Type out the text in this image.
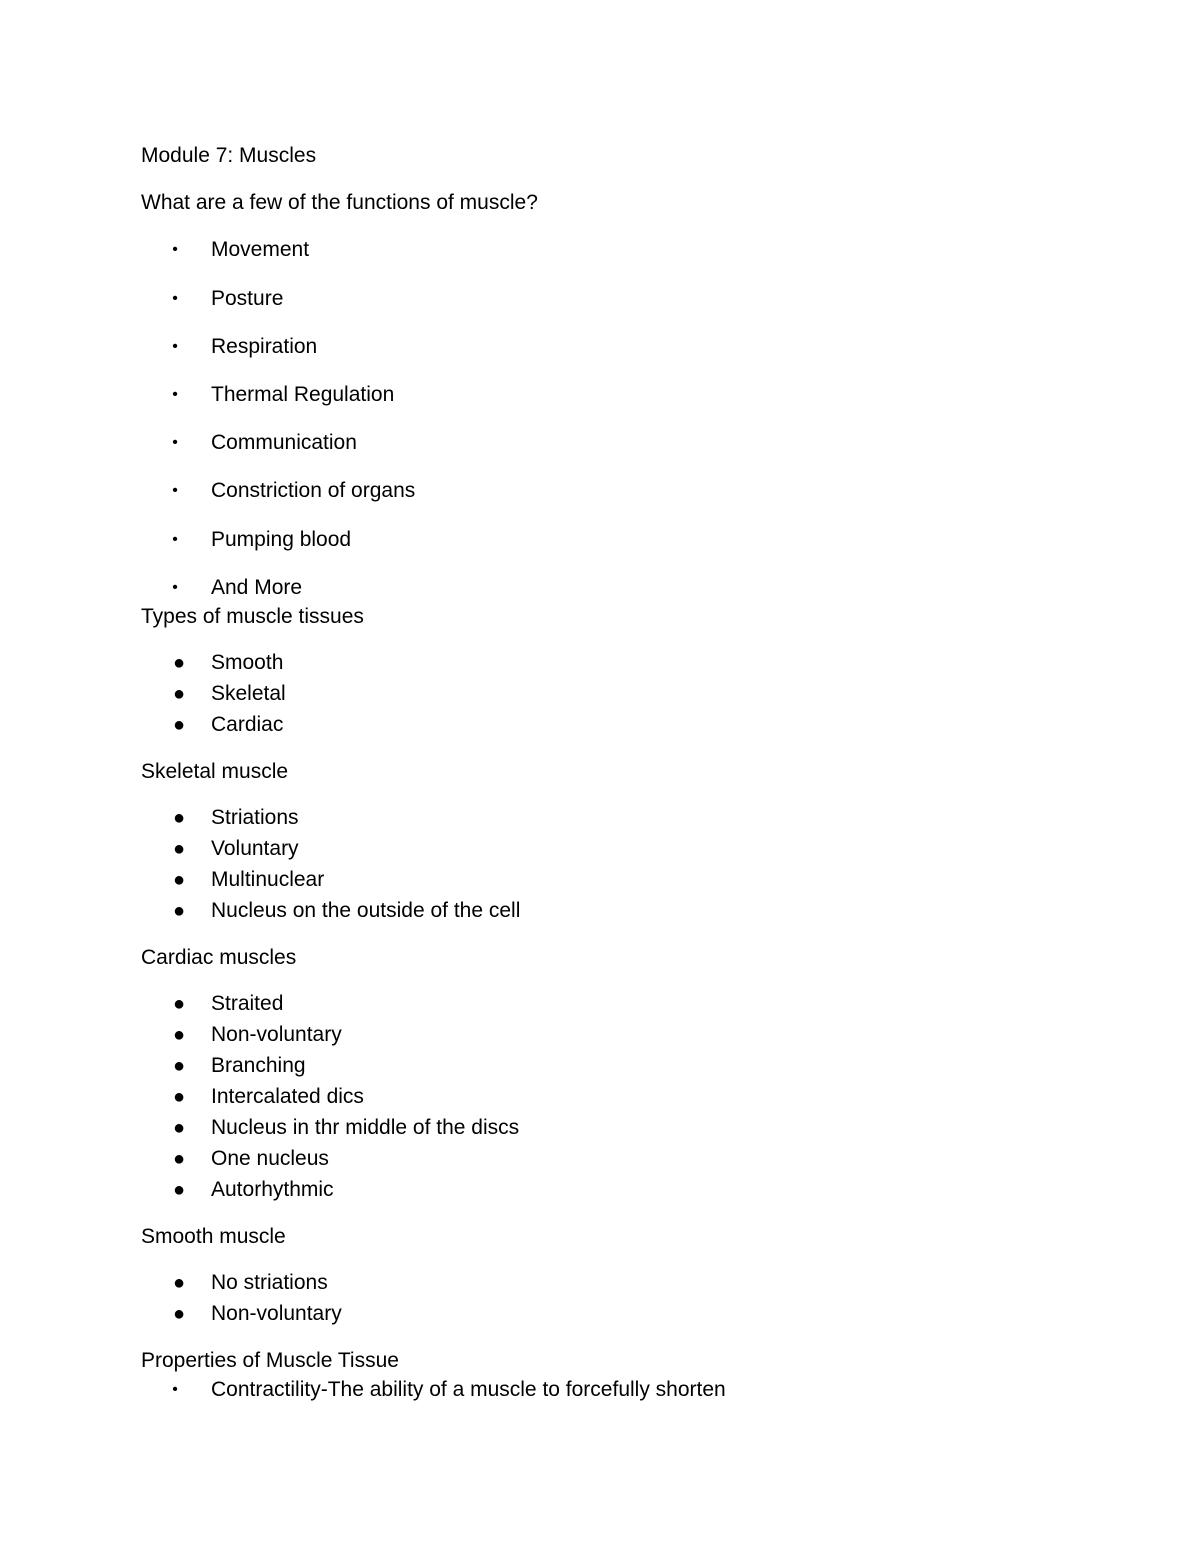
Module 7: Muscles
What are a few of the functions of muscle?
• Movement
• Posture
• Respiration
• Thermal Regulation
• Communication
• Constriction of organs
• Pumping blood
• And More
Types of muscle tissues
● Smooth
● Skeletal
● Cardiac
Skeletal muscle
● Striations
● Voluntary
● Multinuclear
● Nucleus on the outside of the cell
Cardiac muscles
● Straited
● Non-voluntary
● Branching
● Intercalated dics
● Nucleus in thr middle of the discs
● One nucleus
● Autorhythmic
Smooth muscle
● No striations
● Non-voluntary
Properties of Muscle Tissue
• Contractility-The ability of a muscle to forcefully shorten
